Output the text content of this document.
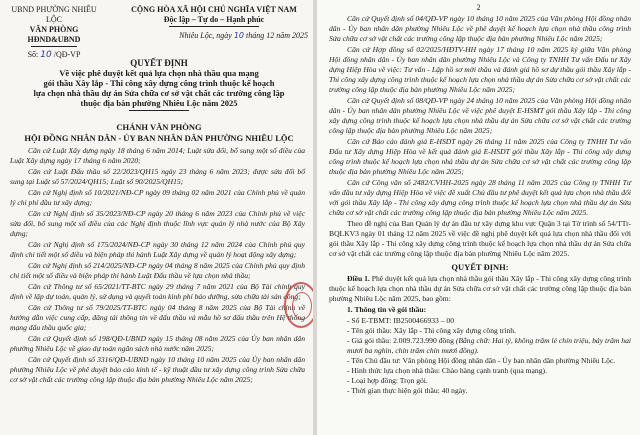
UBND PHƯỜNG NHIÊU LỘC
VĂN PHÒNG HĐND&UBND
Số: 10 /QĐ-VP
CỘNG HÒA XÃ HỘI CHỦ NGHĨA VIỆT NAM
Độc lập – Tự do – Hạnh phúc
Nhiêu Lộc, ngày 10 tháng 12 năm 2025
QUYẾT ĐỊNH
Về việc phê duyệt kết quả lựa chọn nhà thầu qua mạng
gói thầu Xây lắp - Thi công xây dựng công trình thuộc kế hoạch
lựa chọn nhà thầu dự án Sửa chữa cơ sở vật chất các trường công lập
thuộc địa bàn phường Nhiêu Lộc năm 2025
CHÁNH VĂN PHÒNG
HỘI ĐỒNG NHÂN DÂN - ỦY BAN NHÂN DÂN PHƯỜNG NHIÊU LỘC

Căn cứ Luật Xây dựng ngày 18 tháng 6 năm 2014; Luật sửa đổi, bổ sung một số điều của Luật Xây dựng ngày 17 tháng 6 năm 2020;

Căn cứ Luật Đấu thầu số 22/2023/QH15 ngày 23 tháng 6 năm 2023; được sửa đổi bổ sung tại Luật số 57/2024/QH15; Luật số 90/2025/QH15;

Căn cứ Nghị định số 10/2021/NĐ-CP ngày 09 tháng 02 năm 2021 của Chính phủ về quản lý chi phí đầu tư xây dựng;

Căn cứ Nghị định số 35/2023/NĐ-CP ngày 20 tháng 6 năm 2023 của Chính phủ về việc sửa đổi, bổ sung một số điều của các Nghị định thuộc lĩnh vực quản lý nhà nước của Bộ Xây dựng;

Căn cứ Nghị định số 175/2024/NĐ-CP ngày 30 tháng 12 năm 2024 của Chính phủ quy định chi tiết một số điều và biện pháp thi hành Luật Xây dựng về quản lý hoạt động xây dựng;

Căn cứ Nghị định số 214/2025/NĐ-CP ngày 04 tháng 8 năm 2025 của Chính phủ quy định chi tiết một số điều và biện pháp thi hành Luật Đấu thầu về lựa chọn nhà thầu;

Căn cứ Thông tư số 65/2021/TT-BTC ngày 29 tháng 7 năm 2021 của Bộ Tài chính quy định về lập dự toán, quản lý, sử dụng và quyết toán kinh phí bảo dưỡng, sửa chữa tài sản công;

Căn cứ Thông tư số 79/2025/TT-BTC ngày 04 tháng 8 năm 2025 của Bộ Tài chính về hướng dẫn việc cung cấp, đăng tải thông tin về đấu thầu và mẫu hồ sơ đấu thầu trên Hệ thống mạng đấu thầu quốc gia;

Căn cứ Quyết định số 198/QĐ-UBND ngày 15 tháng 08 năm 2025 của Ủy ban nhân dân phường Nhiêu Lộc về giao dự toán ngân sách nhà nước năm 2025;

Căn cứ Quyết định số 3316/QĐ-UBND ngày 10 tháng 10 năm 2025 của Ủy ban nhân dân phường Nhiêu Lộc về phê duyệt báo cáo kinh tế - kỹ thuật đầu tư xây dựng công trình Sửa chữa cơ sở vật chất các trường công lập thuộc địa bàn phường Nhiêu Lộc năm 2025;

2

Căn cứ Quyết định số 04/QĐ-VP ngày 10 tháng 10 năm 2025 của Văn phòng Hội đồng nhân dân - Ủy ban nhân dân phường Nhiêu Lộc về phê duyệt kế hoạch lựa chọn nhà thầu công trình Sửa chữa cơ sở vật chất các trường công lập thuộc địa bàn phường Nhiêu Lộc năm 2025;

Căn cứ Hợp đồng số 02/2025/HĐTV-HH ngày 17 tháng 10 năm 2025 ký giữa Văn phòng Hội đồng nhân dân - Ủy ban nhân dân phường Nhiêu Lộc và Công ty TNHH Tư vấn Đấu tư Xây dựng Hiệp Hòa về việc: Tư vấn - Lập hồ sơ mời thầu và đánh giá hồ sơ dự thầu gói thầu Xây lắp - Thi công xây dựng công trình thuộc kế hoạch lựa chọn nhà thầu dự án Sửa chữa cơ sở vật chất các trường công lập thuộc địa bàn phường Nhiêu Lộc năm 2025;

Căn cứ Quyết định số 08/QĐ-VP ngày 24 tháng 10 năm 2025 của Văn phòng Hội đồng nhân dân - Ủy ban nhân dân phường Nhiêu Lộc về việc phê duyệt E-HSMT gói thầu Xây lắp - Thi công xây dựng công trình thuộc kế hoạch lựa chọn nhà thầu dự án Sửa chữa cơ sở vật chất các trường công lập thuộc địa bàn phường Nhiêu Lộc năm 2025;

Căn cứ Báo cáo đánh giá E-HSDT ngày 26 tháng 11 năm 2025 của Công ty TNHH Tư vấn Đấu tư Xây dựng Hiệp Hòa về kết quả đánh giá E-HSDT gói thầu Xây lắp - Thi công xây dựng công trình thuộc kế hoạch lựa chọn nhà thầu dự án Sửa chữa cơ sở vật chất các trường công lập thuộc địa bàn phường Nhiêu Lộc năm 2025;

Căn cứ Công văn số 2482/CVHH-2025 ngày 28 tháng 11 năm 2025 của Công ty TNHH Tư vấn đầu tư xây dựng Hiệp Hòa về việc đề xuất Chủ đầu tư phê duyệt kết quả lựa chọn nhà thầu đối với gói thầu Xây lắp - Thi công xây dựng công trình thuộc kế hoạch lựa chọn nhà thầu dự án Sửa chữa cơ sở vật chất các trường công lập thuộc địa bàn phường Nhiêu Lộc năm 2025.

Theo đề nghị của Ban Quản lý dự án đầu tư xây dựng khu vực Quận 3 tại Tờ trình số 54/TTr-BQLKV3 ngày 01 tháng 12 năm 2025 về việc đề nghị phê duyệt kết quả lựa chọn nhà thầu đối với gói thầu Xây lắp - Thi công xây dựng công trình thuộc kế hoạch lựa chọn nhà thầu dự án Sửa chữa cơ sở vật chất các trường công lập thuộc địa bàn phường Nhiêu Lộc năm 2025.

QUYẾT ĐỊNH:

Điều 1. Phê duyệt kết quả lựa chọn nhà thầu gói thầu Xây lắp - Thi công xây dựng công trình thuộc kế hoạch lựa chọn nhà thầu dự án Sửa chữa cơ sở vật chất các trường công lập thuộc địa bàn phường Nhiêu Lộc năm 2025, bao gồm:

1. Thông tin về gói thầu:
- Số E-TBMT: IB2500466933 – 00
- Tên gói thầu: Xây lắp - Thi công xây dựng công trình.
- Giá gói thầu: 2.009.723.990 đồng (Bằng chữ: Hai tỷ, không trăm lẻ chín triệu, bảy trăm hai mươi ba nghìn, chín trăm chín mươi đồng).
- Tên Chủ đầu tư: Văn phòng Hội đồng nhân dân - Ủy ban nhân dân phường Nhiêu Lộc.
- Hình thức lựa chọn nhà thầu: Chào hàng cạnh tranh (qua mạng).
- Loại hợp đồng: Trọn gói.
- Thời gian thực hiện gói thầu: 40 ngày.
